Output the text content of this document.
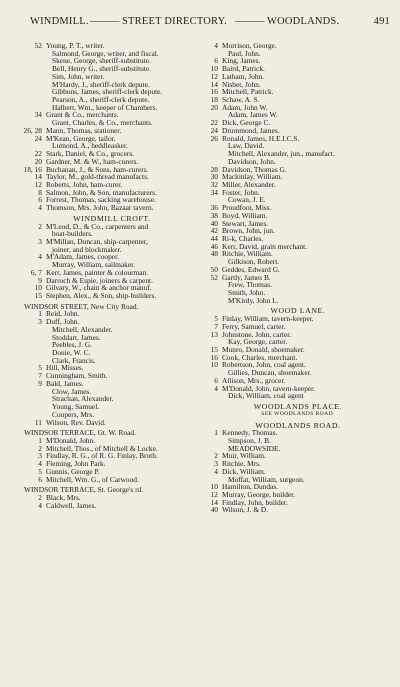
WINDMILL. ——— STREET DIRECTORY. ——— WOODLANDS.	491
52 Young, P. T., writer.
Salmond, George, writer, and fiscal.
Skene, George, sheriff-substitute.
Bell, Henry G., sheriff-substitute.
Sim, John, writer.
M'Hardy, J., sheriff-clerk depute.
Gibbons, James, sheriff-clerk depute.
Pearson, A., sheriff-clerk depute.
Halbert, Wm., keeper of Chambers.
34 Grant & Co., merchants.
Grant, Charles, & Co., merchants.
26, 28 Mann, Thomas, stationer.
24 M'Kean, George, tailor.
Lumond, A., heddleasker.
22 Stark, Daniel, & Co., grocers.
20 Gardner, M. & W., ham-curers.
18, 16 Buchanan, J., & Sons, ham-curers.
14 Taylor, M., gold-thread manufacts.
12 Roberts, John, ham-curer.
8 Salmon, John, & Son, manufacturers.
6 Forrest, Thomas, sacking warehouse.
4 Thomson, Mrs. John, Bazaar tavern.
WINDMILL CROFT.
2 M'Leod, D., & Co., carpenters and
boat-builders.
3 M'Millan, Duncan, ship-carpenter,
joiner, and blockmaker.
4 M'Adam, James, cooper.
Murray, William, sailmaker.
6, 7 Kerr, James, painter & colourman.
9 Darroch & Espie, joiners & carpent.
10 Gilvary, W., chain & anchor manuf.
15 Stephen, Alex., & Son, ship-builders.
WINDSOR STREET, New City Road.
1 Reid, John.
3 Duff, John.
Mitchell, Alexander.
Stoddart, James.
Peebles, J. G.
Douie, W. C.
Clark, Francis.
5 Hill, Misses.
7 Cunningham, Smith.
9 Bald, James.
Clow, James.
Strachan, Alexander.
Young, Samuel.
Coupers, Mrs.
11 Wilson, Rev. David.
WINDSOR TERRACE, Gt. W. Road.
1 M'Donald, John.
2 Mitchell, Thos., of Mitchell & Locke.
3 Findlay, R. G., of R. G. Finlay, Broth.
4 Fleming, John Park.
5 Gunnis, George P.
6 Mitchell, Wm. G., of Carwood.
WINDSOR TERRACE, St. George's rd.
2 Black, Mrs.
4 Caldwell, James.
4 Morrison, George.
Paul, John.
6 King, James.
10 Baird, Patrick.
12 Latham, John.
14 Nisbet, John.
16 Mitchell, Patrick.
18 Schaw, A. S.
20 Adam, John W.
Adam, James W.
22 Dick, George C.
24 Drummond, James.
26 Ronald, James, H.E.I.C.S.
Law, David.
Mitchell, Alexander, jun., manufact.
Davidson, John.
28 Davidson, Thomas G.
30 Mackinlay, William.
32 Miller, Alexander.
34 Foster, John.
Cowan, J. E.
36 Proudfoot, Miss.
38 Boyd, William.
40 Stewart, James.
42 Brown, John, jun.
44 Ri-k, Charles.
46 Kerr, David, grain merchant.
48 Ritchie, William.
Gilkison, Robert.
50 Geddes, Edward G.
52 Gartly, James B.
Frew, Thomas.
Smith, John.
M'Kirdy, John L.
WOOD LANE.
5 Finlay, William, tavern-keeper.
7 Ferry, Samuel, carter.
13 Johnstone, John, carter.
Kay, George, carter.
15 Munro, Donald, shoemaker.
16 Cook, Charles, merchant.
10 Robertson, John, coal agent.
Gillies, Duncan, shoemaker.
6 Allison, Mrs., grocer.
4 M'Donald, John, tavern-keeper.
Dick, William, coal agent
WOODLANDS PLACE.
SEE WOODLANDS ROAD.
WOODLANDS ROAD.
1 Kennedy, Thomas.
Simpson, J. B.
MEADOWSIDE.
2 Muir, William.
3 Ritchie, Mrs.
4 Dick, William.
Moffat, William, surgeon.
10 Hamilton, Dundas.
12 Murray, George, builder.
14 Findlay, John, builder.
40 Wilson, J. & D.
